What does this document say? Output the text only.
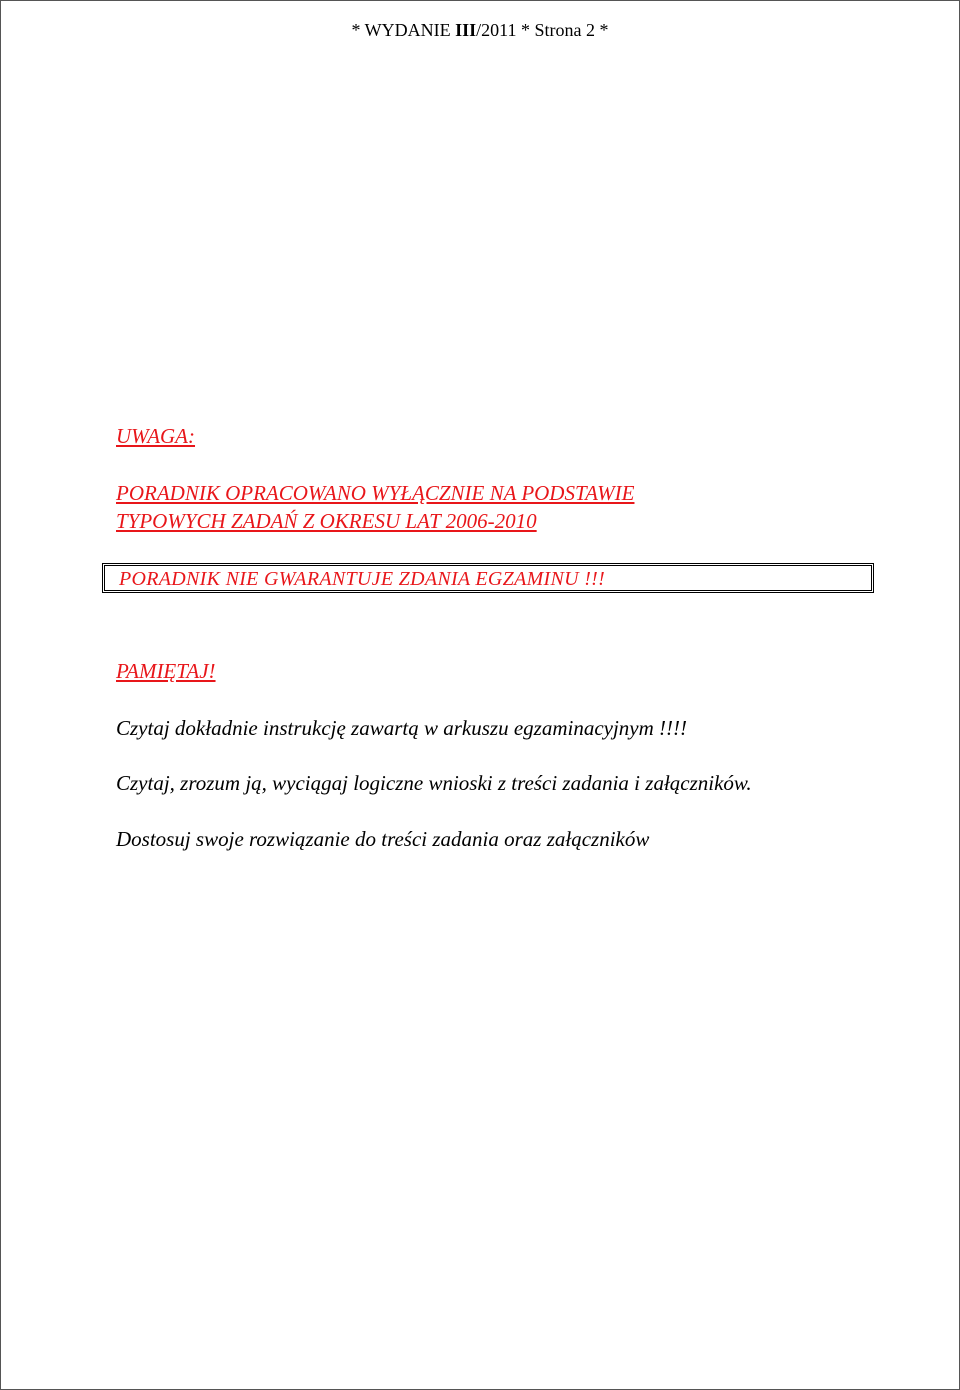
* WYDANIE III/2011 * Strona 2 *
UWAGA:
PORADNIK OPRACOWANO WYŁĄCZNIE NA PODSTAWIE
TYPOWYCH ZADAŃ Z OKRESU LAT 2006-2010
PORADNIK NIE GWARANTUJE ZDANIA EGZAMINU !!!
PAMIĘTAJ!
Czytaj dokładnie instrukcję zawartą w arkuszu egzaminacyjnym !!!!
Czytaj, zrozum ją, wyciągaj logiczne wnioski z treści zadania i załączników.
Dostosuj swoje rozwiązanie do treści zadania oraz załączników
